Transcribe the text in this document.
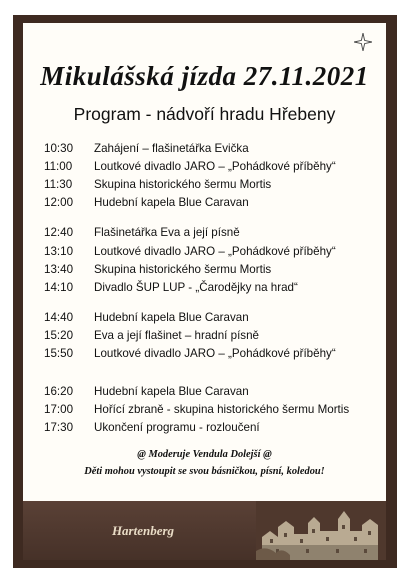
Mikulášská jízda 27.11.2021
Program - nádvoří hradu Hřebeny
10:30	Zahájení – flašinetářka Evička
11:00	Loutkové divadlo JARO – „Pohádkové příběhy“
11:30	Skupina historického šermu Mortis
12:00	Hudební kapela Blue Caravan
12:40	Flašinetářka Eva a její písně
13:10	Loutkové divadlo JARO – „Pohádkové příběhy“
13:40	Skupina historického šermu Mortis
14:10	Divadlo ŠUP LUP - „Čarodějky na hrad“
14:40	Hudební kapela Blue Caravan
15:20	Eva a její flašinet – hradní písně
15:50	Loutkové divadlo JARO – „Pohádkové příběhy“
16:20	Hudební kapela Blue Caravan
17:00	Hořící zbraně - skupina historického šermu Mortis
17:30	Ukončení programu - rozloučení
@ Moderuje Vendula Dolejší @
Děti mohou vystoupit se svou básničkou, písní, koledou!
Hartenberg
